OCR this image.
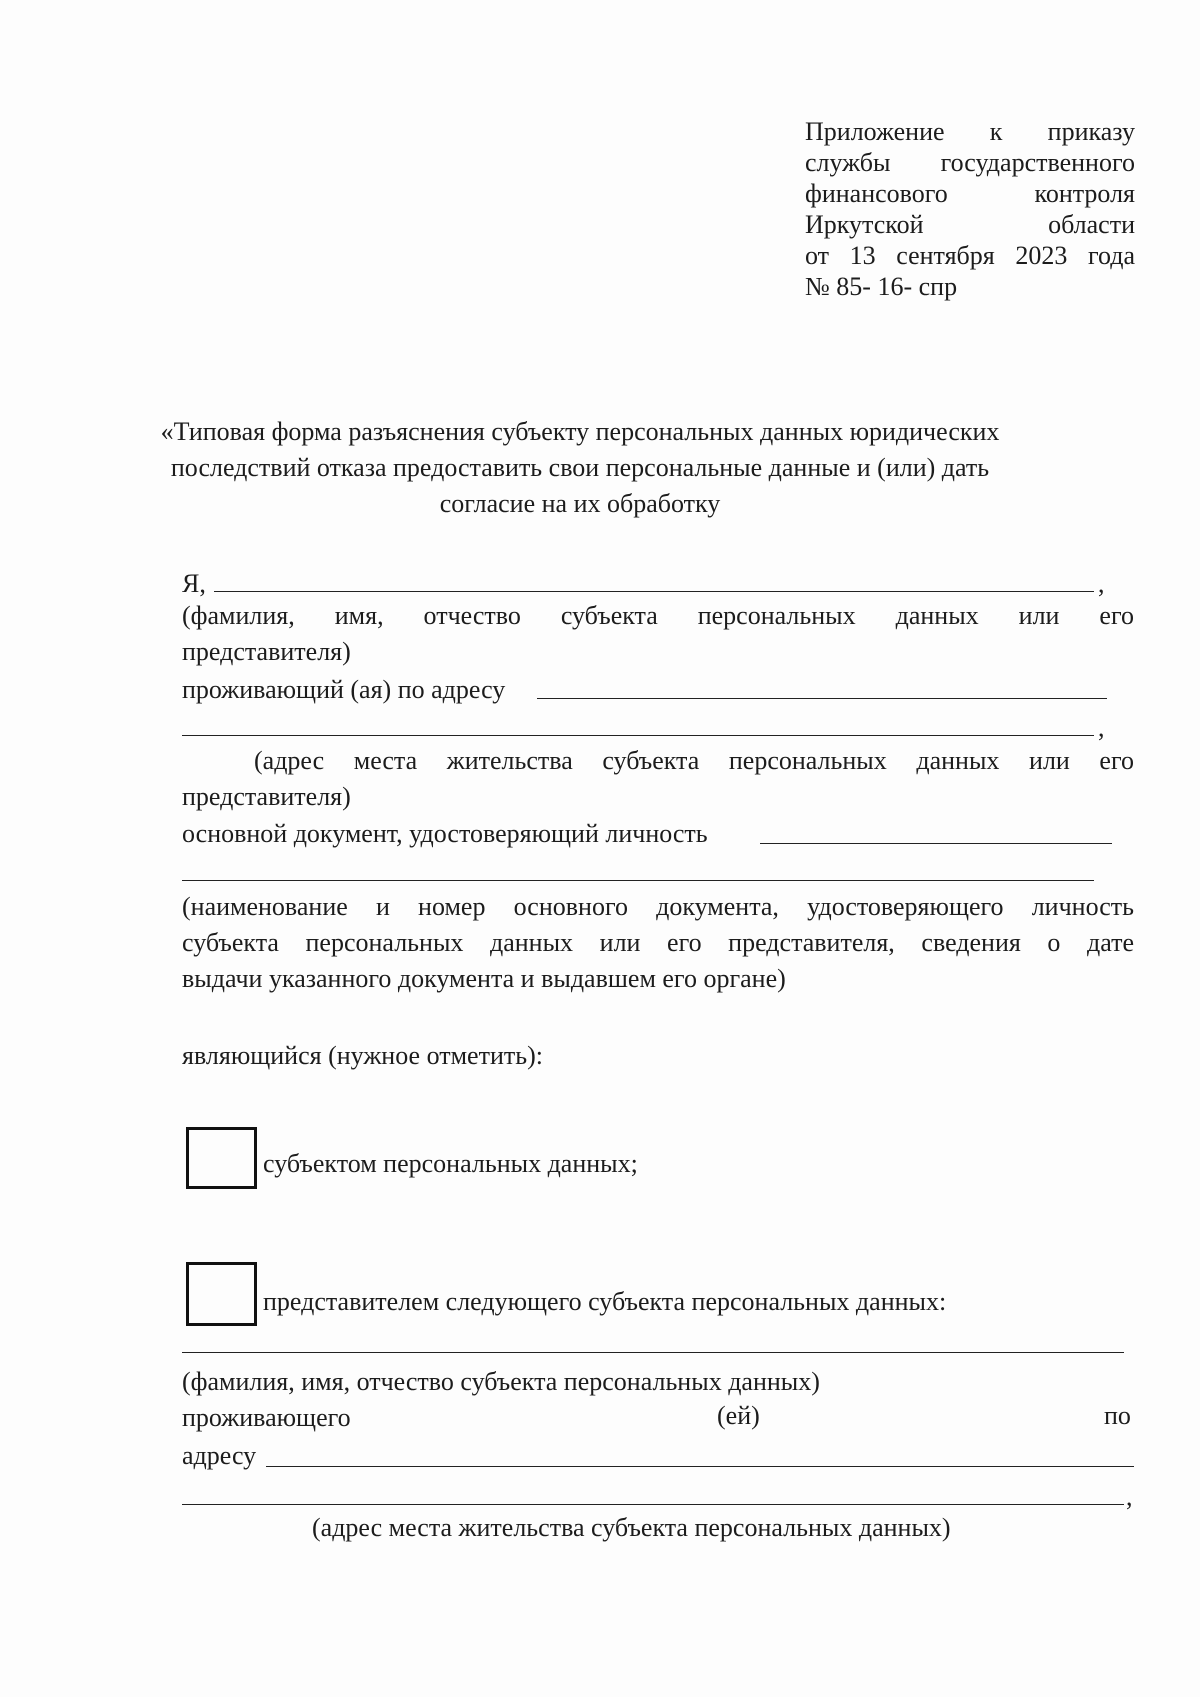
Приложение к приказу
службы государственного
финансового контроля
Иркутской области
от 13 сентября 2023 года
№ 85- 16- спр
«Типовая форма разъяснения субъекту персональных данных юридических
последствий отказа предоставить свои персональные данные и (или) дать
согласие на их обработку
Я,	,
(фамилия, имя, отчество субъекта персональных данных или его
представителя)
проживающий (ая) по адресу
,
(адрес места жительства субъекта персональных данных или его
представителя)
основной документ, удостоверяющий личность
(наименование и номер основного документа, удостоверяющего личность
субъекта персональных данных или его представителя, сведения о дате
выдачи указанного документа и выдавшем его органе)
являющийся (нужное отметить):
субъектом персональных данных;
представителем следующего субъекта персональных данных:
(фамилия, имя, отчество субъекта персональных данных)
проживающего	(ей)	по
адресу
,
(адрес места жительства субъекта персональных данных)
